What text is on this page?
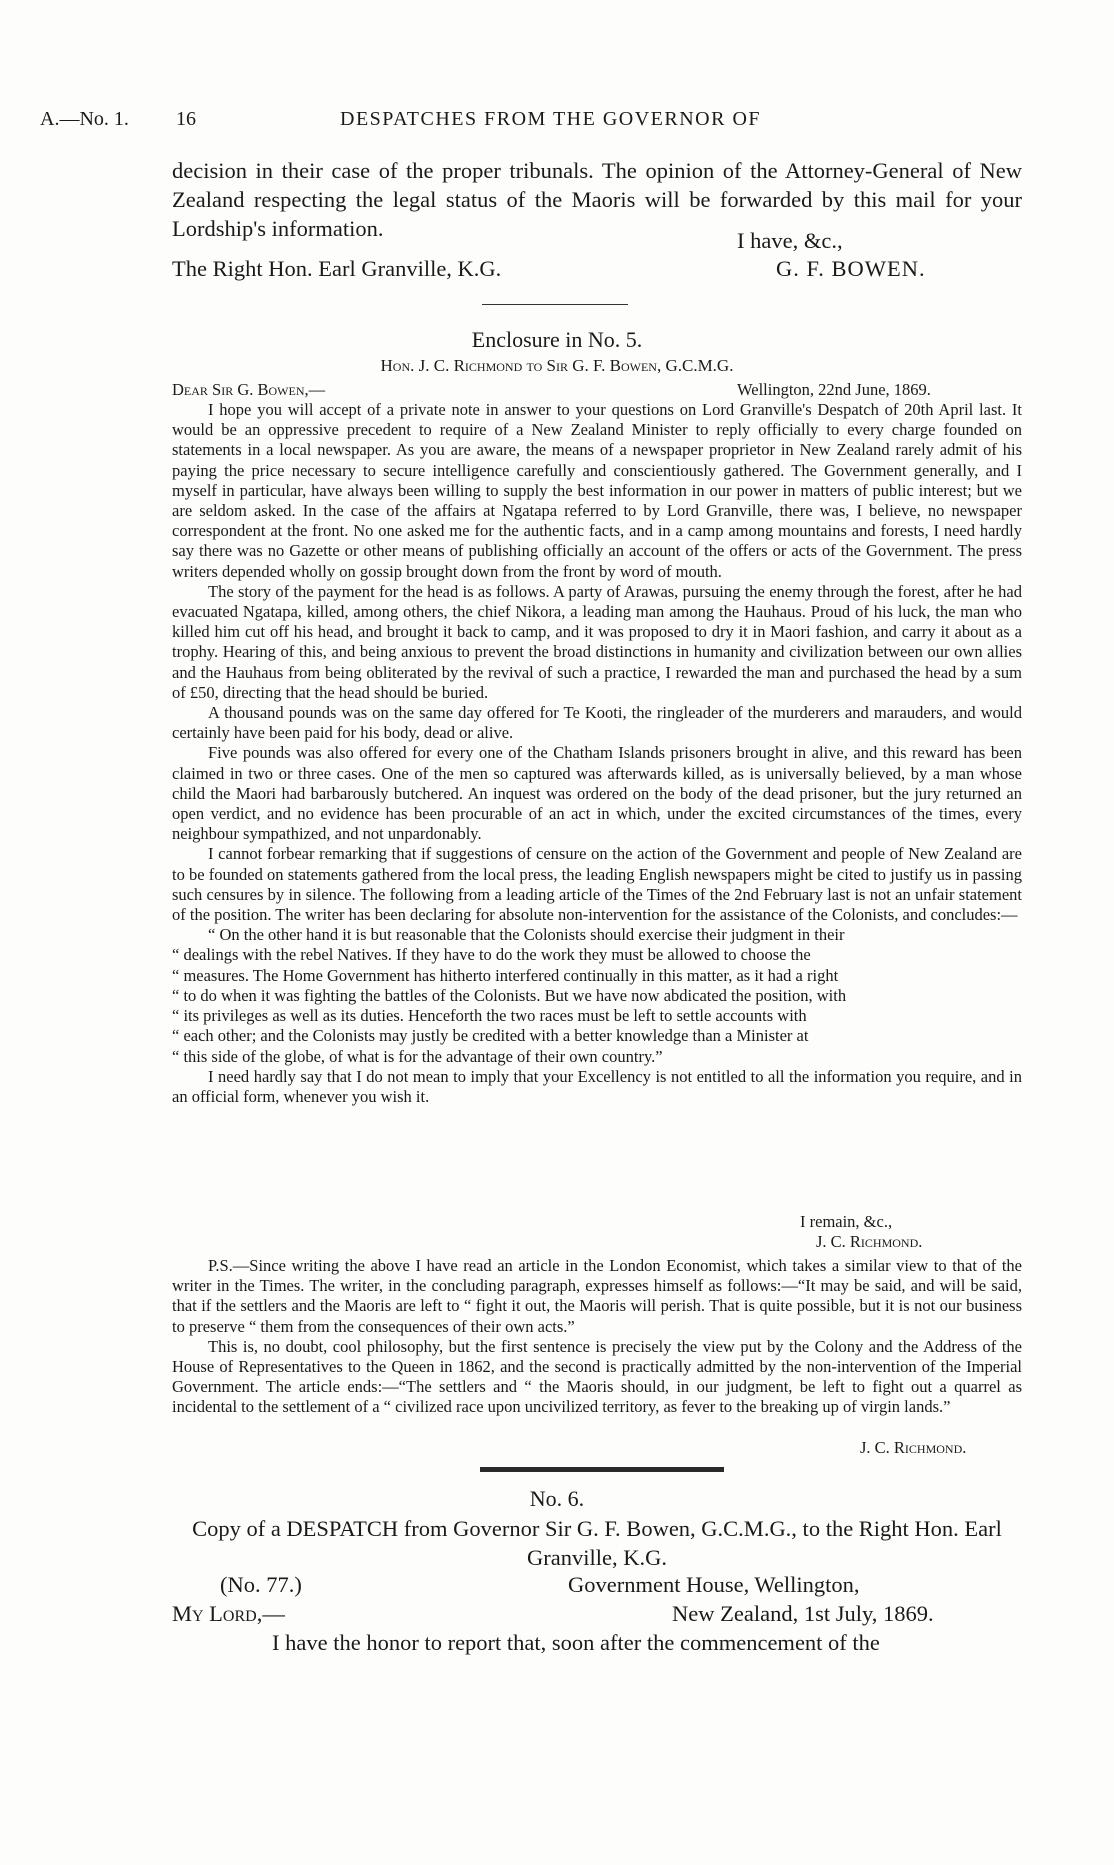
A.—No. 1. 16	DESPATCHES FROM THE GOVERNOR OF
decision in their case of the proper tribunals. The opinion of the Attorney-General of New Zealand respecting the legal status of the Maoris will be forwarded by this mail for your Lordship's information.	I have, &c.,
The Right Hon. Earl Granville, K.G.	G. F. BOWEN.
Enclosure in No. 5.
Hon. J. C. Richmond to Sir G. F. Bowen, G.C.M.G.
Dear Sir G. Bowen,—	Wellington, 22nd June, 1869.

I hope you will accept of a private note in answer to your questions on Lord Granville's Despatch of 20th April last. It would be an oppressive precedent to require of a New Zealand Minister to reply officially to every charge founded on statements in a local newspaper. As you are aware, the means of a newspaper proprietor in New Zealand rarely admit of his paying the price necessary to secure intelligence carefully and conscientiously gathered. The Government generally, and I myself in particular, have always been willing to supply the best information in our power in matters of public interest; but we are seldom asked. In the case of the affairs at Ngatapa referred to by Lord Granville, there was, I believe, no newspaper correspondent at the front. No one asked me for the authentic facts, and in a camp among mountains and forests, I need hardly say there was no Gazette or other means of publishing officially an account of the offers or acts of the Government. The press writers depended wholly on gossip brought down from the front by word of mouth.

The story of the payment for the head is as follows. A party of Arawas, pursuing the enemy through the forest, after he had evacuated Ngatapa, killed, among others, the chief Nikora, a leading man among the Hauhaus. Proud of his luck, the man who killed him cut off his head, and brought it back to camp, and it was proposed to dry it in Maori fashion, and carry it about as a trophy. Hearing of this, and being anxious to prevent the broad distinctions in humanity and civilization between our own allies and the Hauhaus from being obliterated by the revival of such a practice, I rewarded the man and purchased the head by a sum of £50, directing that the head should be buried.

A thousand pounds was on the same day offered for Te Kooti, the ringleader of the murderers and marauders, and would certainly have been paid for his body, dead or alive.

Five pounds was also offered for every one of the Chatham Islands prisoners brought in alive, and this reward has been claimed in two or three cases. One of the men so captured was afterwards killed, as is universally believed, by a man whose child the Maori had barbarously butchered. An inquest was ordered on the body of the dead prisoner, but the jury returned an open verdict, and no evidence has been procurable of an act in which, under the excited circumstances of the times, every neighbour sympathized, and not unpardonably.

I cannot forbear remarking that if suggestions of censure on the action of the Government and people of New Zealand are to be founded on statements gathered from the local press, the leading English newspapers might be cited to justify us in passing such censures by in silence. The following from a leading article of the Times of the 2nd February last is not an unfair statement of the position. The writer has been declaring for absolute non-intervention for the assistance of the Colonists, and concludes:—

“ On the other hand it is but reasonable that the Colonists should exercise their judgment in their

“ dealings with the rebel Natives. If they have to do the work they must be allowed to choose the

“ measures. The Home Government has hitherto interfered continually in this matter, as it had a right

“ to do when it was fighting the battles of the Colonists. But we have now abdicated the position, with

“ its privileges as well as its duties. Henceforth the two races must be left to settle accounts with

“ each other; and the Colonists may justly be credited with a better knowledge than a Minister at

“ this side of the globe, of what is for the advantage of their own country.”

I need hardly say that I do not mean to imply that your Excellency is not entitled to all the information you require, and in an official form, whenever you wish it.

I remain, &c.,
J. C. Richmond.

P.S.—Since writing the above I have read an article in the London Economist, which takes a similar view to that of the writer in the Times. The writer, in the concluding paragraph, expresses himself as follows:—“It may be said, and will be said, that if the settlers and the Maoris are left to “ fight it out, the Maoris will perish. That is quite possible, but it is not our business to preserve “ them from the consequences of their own acts.”

This is, no doubt, cool philosophy, but the first sentence is precisely the view put by the Colony and the Address of the House of Representatives to the Queen in 1862, and the second is practically admitted by the non-intervention of the Imperial Government. The article ends:—“The settlers and “ the Maoris should, in our judgment, be left to fight out a quarrel as incidental to the settlement of a “ civilized race upon uncivilized territory, as fever to the breaking up of virgin lands.”

J. C. Richmond.
No. 6.
Copy of a DESPATCH from Governor Sir G. F. Bowen, G.C.M.G., to the Right Hon. Earl Granville, K.G.
(No. 77.)	Government House, Wellington,
My Lord,—	New Zealand, 1st July, 1869.
I have the honor to report that, soon after the commencement of the
